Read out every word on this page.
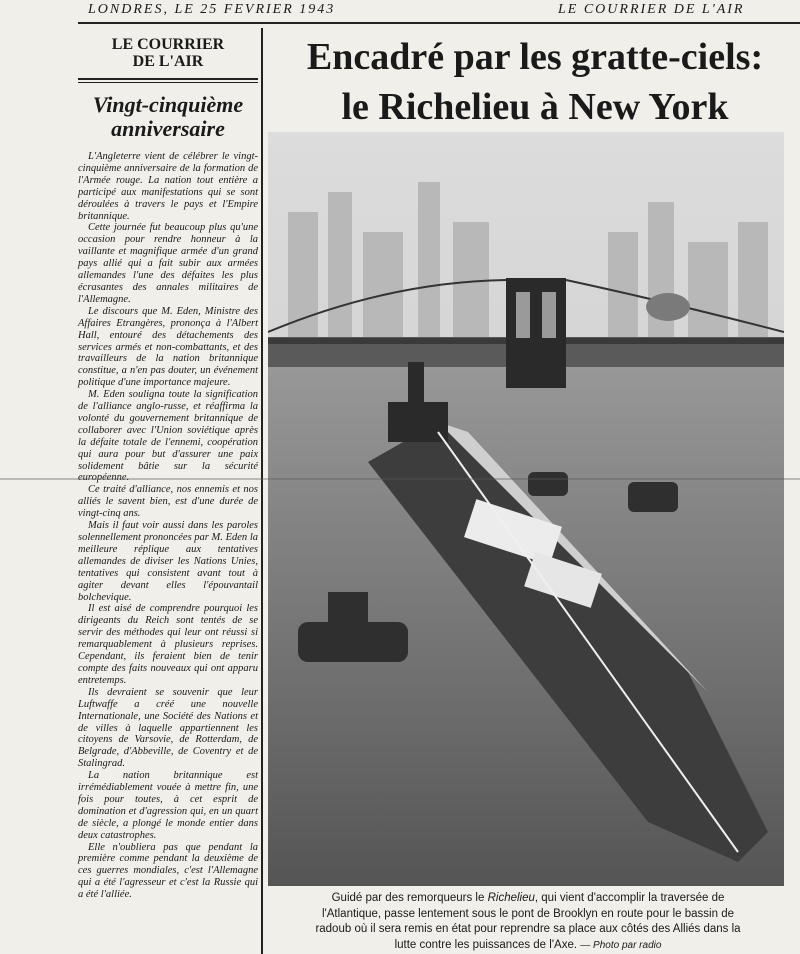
LONDRES, LE 25 FEVRIER 1943	LE COURRIER DE L'AIR
LE COURRIER
DE L'AIR
Vingt-cinquième anniversaire

L'Angleterre vient de célébrer le vingt-cinquième anniversaire de la formation de l'Armée rouge. La nation tout entière a participé aux manifestations qui se sont déroulées à travers le pays et l'Empire britannique.

Cette journée fut beaucoup plus qu'une occasion pour rendre honneur à la vaillante et magnifique armée d'un grand pays allié qui a fait subir aux armées allemandes l'une des défaites les plus écrasantes des annales militaires de l'Allemagne.

Le discours que M. Eden, Ministre des Affaires Etrangères, prononça à l'Albert Hall, entouré des détachements des services armés et non-combattants, et des travailleurs de la nation britannique constitue, a n'en pas douter, un événement politique d'une importance majeure.

M. Eden souligna toute la signification de l'alliance anglo-russe, et réaffirma la volonté du gouvernement britannique de collaborer avec l'Union soviétique après la défaite totale de l'ennemi, coopération qui aura pour but d'assurer une paix solidement bâtie sur la sécurité européenne.

Ce traité d'alliance, nos ennemis et nos alliés le savent bien, est d'une durée de vingt-cinq ans.

Mais il faut voir aussi dans les paroles solennellement prononcées par M. Eden la meilleure réplique aux tentatives allemandes de diviser les Nations Unies, tentatives qui consistent avant tout à agiter devant elles l'épouvantail bolchevique.

Il est aisé de comprendre pourquoi les dirigeants du Reich sont tentés de se servir des méthodes qui leur ont réussi si remarquablement à plusieurs reprises. Cependant, ils feraient bien de tenir compte des faits nouveaux qui ont apparu entretemps.

Ils devraient se souvenir que leur Luftwaffe a créé une nouvelle Internationale, une Société des Nations et de villes à laquelle appartiennent les citoyens de Varsovie, de Rotterdam, de Belgrade, d'Abbeville, de Coventry et de Stalingrad.

La nation britannique est irrémédiablement vouée à mettre fin, une fois pour toutes, à cet esprit de domination et d'agression qui, en un quart de siècle, a plongé le monde entier dans deux catastrophes.

Elle n'oubliera pas que pendant la première comme pendant la deuxième de ces guerres mondiales, c'est l'Allemagne qui a été l'agresseur et c'est la Russie qui a été l'alliée.

Encadré par les gratte-ciels:
le Richelieu à New York
Guidé par des remorqueurs le Richelieu, qui vient d'accomplir la traversée de l'Atlantique, passe lentement sous le pont de Brooklyn en route pour le bassin de radoub où il sera remis en état pour reprendre sa place aux côtés des Alliés dans la lutte contre les puissances de l'Axe. — Photo par radio
